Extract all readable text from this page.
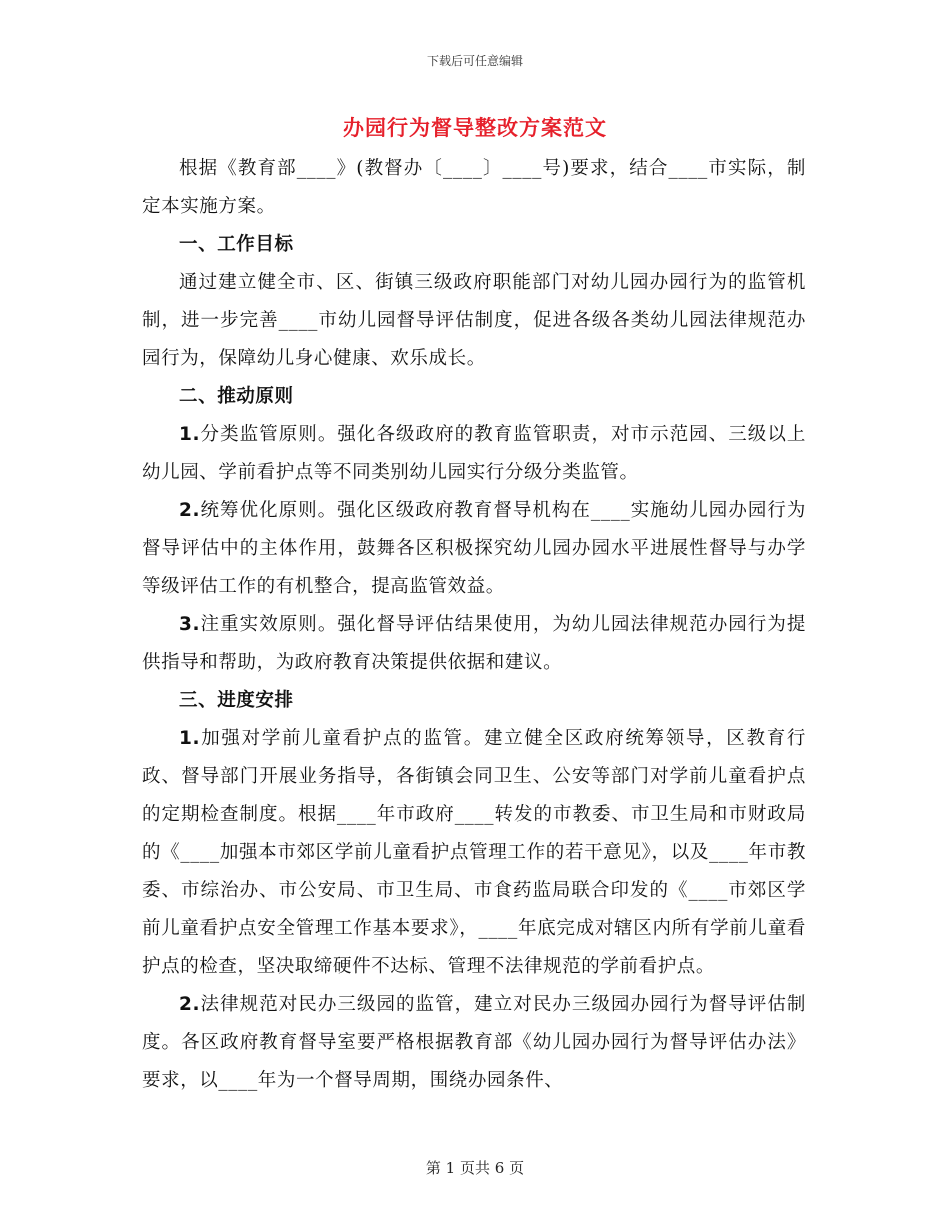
下载后可任意编辑
办园行为督导整改方案范文

根据《教育部____》(教督办〔____〕____号)要求，结合____市实际，制定本实施方案。

一、工作目标

通过建立健全市、区、街镇三级政府职能部门对幼儿园办园行为的监管机制，进一步完善____市幼儿园督导评估制度，促进各级各类幼儿园法律规范办园行为，保障幼儿身心健康、欢乐成长。

二、推动原则

1.分类监管原则。强化各级政府的教育监管职责，对市示范园、三级以上幼儿园、学前看护点等不同类别幼儿园实行分级分类监管。

2.统筹优化原则。强化区级政府教育督导机构在____实施幼儿园办园行为督导评估中的主体作用，鼓舞各区积极探究幼儿园办园水平进展性督导与办学等级评估工作的有机整合，提高监管效益。

3.注重实效原则。强化督导评估结果使用，为幼儿园法律规范办园行为提供指导和帮助，为政府教育决策提供依据和建议。

三、进度安排

1.加强对学前儿童看护点的监管。建立健全区政府统筹领导，区教育行政、督导部门开展业务指导，各街镇会同卫生、公安等部门对学前儿童看护点的定期检查制度。根据____年市政府____转发的市教委、市卫生局和市财政局的《____加强本市郊区学前儿童看护点管理工作的若干意见》，以及____年市教委、市综治办、市公安局、市卫生局、市食药监局联合印发的《____市郊区学前儿童看护点安全管理工作基本要求》，____年底完成对辖区内所有学前儿童看护点的检查，坚决取缔硬件不达标、管理不法律规范的学前看护点。

2.法律规范对民办三级园的监管，建立对民办三级园办园行为督导评估制度。各区政府教育督导室要严格根据教育部《幼儿园办园行为督导评估办法》要求，以____年为一个督导周期，围绕办园条件、

第 1 页共 6 页
